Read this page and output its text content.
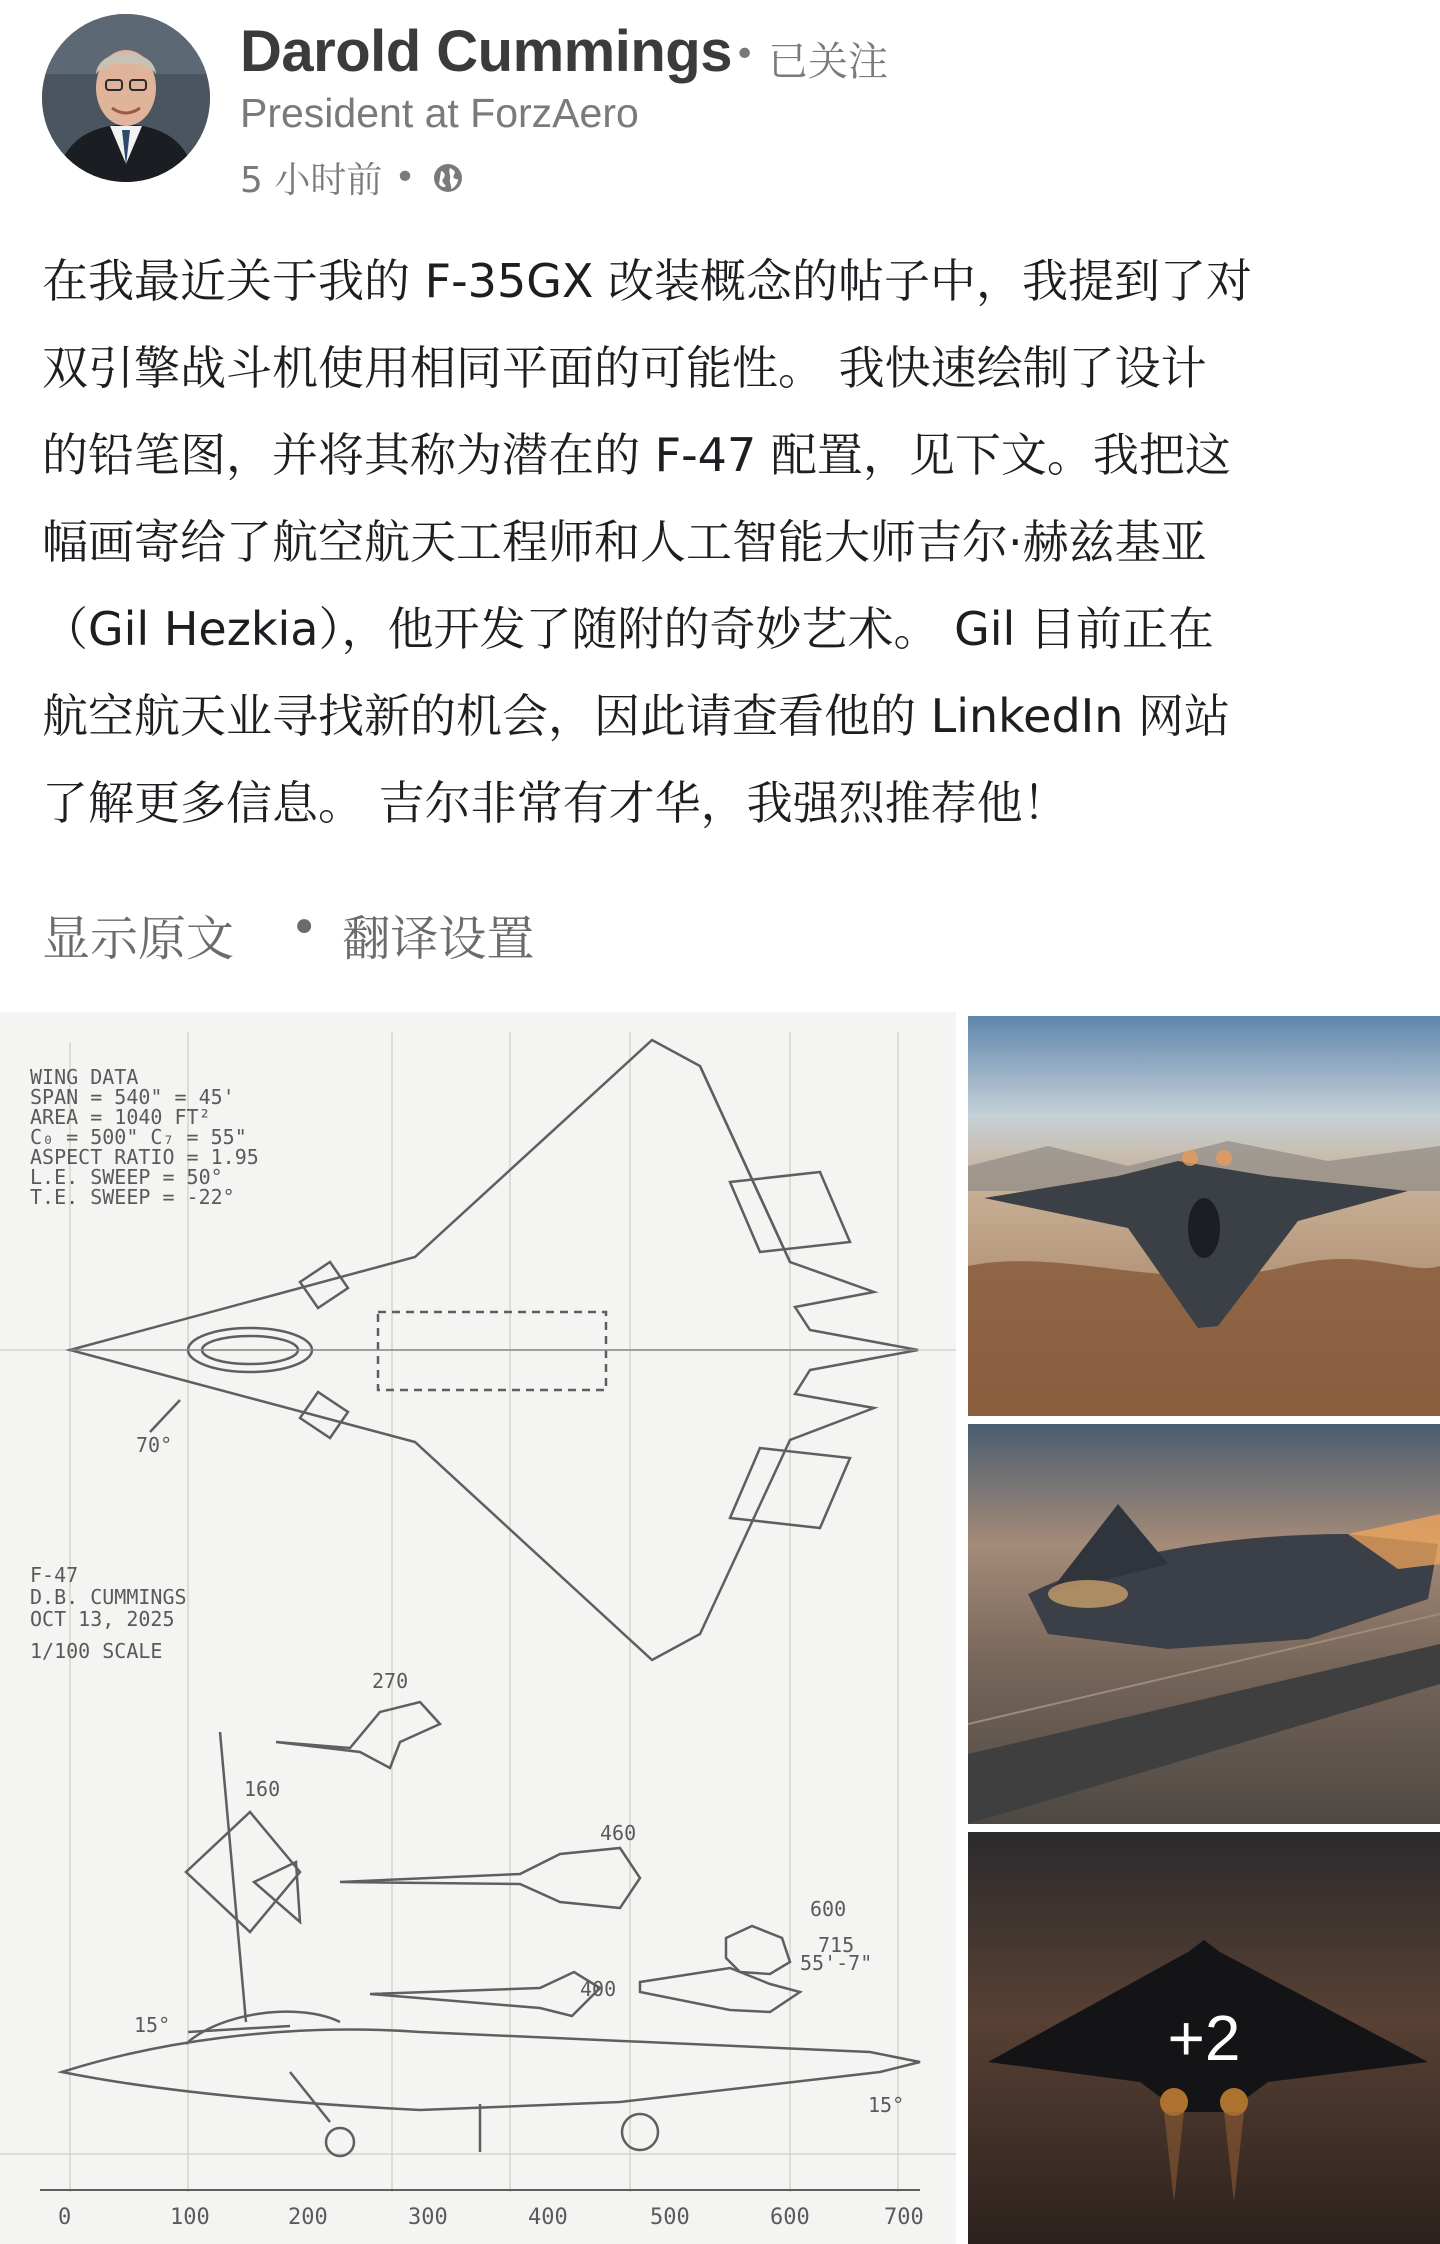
Darold Cummings • 已关注
President at ForzAero
5 小时前 •
在我最近关于我的 F-35GX 改装概念的帖子中，我提到了对
双引擎战斗机使用相同平面的可能性。 我快速绘制了设计
的铅笔图，并将其称为潜在的 F-47 配置，见下文。我把这
幅画寄给了航空航天工程师和人工智能大师吉尔·赫兹基亚
（Gil Hezkia），他开发了随附的奇妙艺术。 Gil 目前正在
航空航天业寻找新的机会，因此请查看他的 LinkedIn 网站
了解更多信息。 吉尔非常有才华，我强烈推荐他！
显示原文 • 翻译设置
WING DATA
SPAN = 540" = 45'
AREA = 1040 FT²
C₀ = 500" C₇ = 55"
ASPECT RATIO = 1.95
L.E. SWEEP = 50°
T.E. SWEEP = -22°
70°
F-47
D.B. CUMMINGS
OCT 13, 2025
1/100 SCALE
270
160
460
600
715
55'-7"
400
15°
15°
0	100	200	300	400	500	600	700
+2
